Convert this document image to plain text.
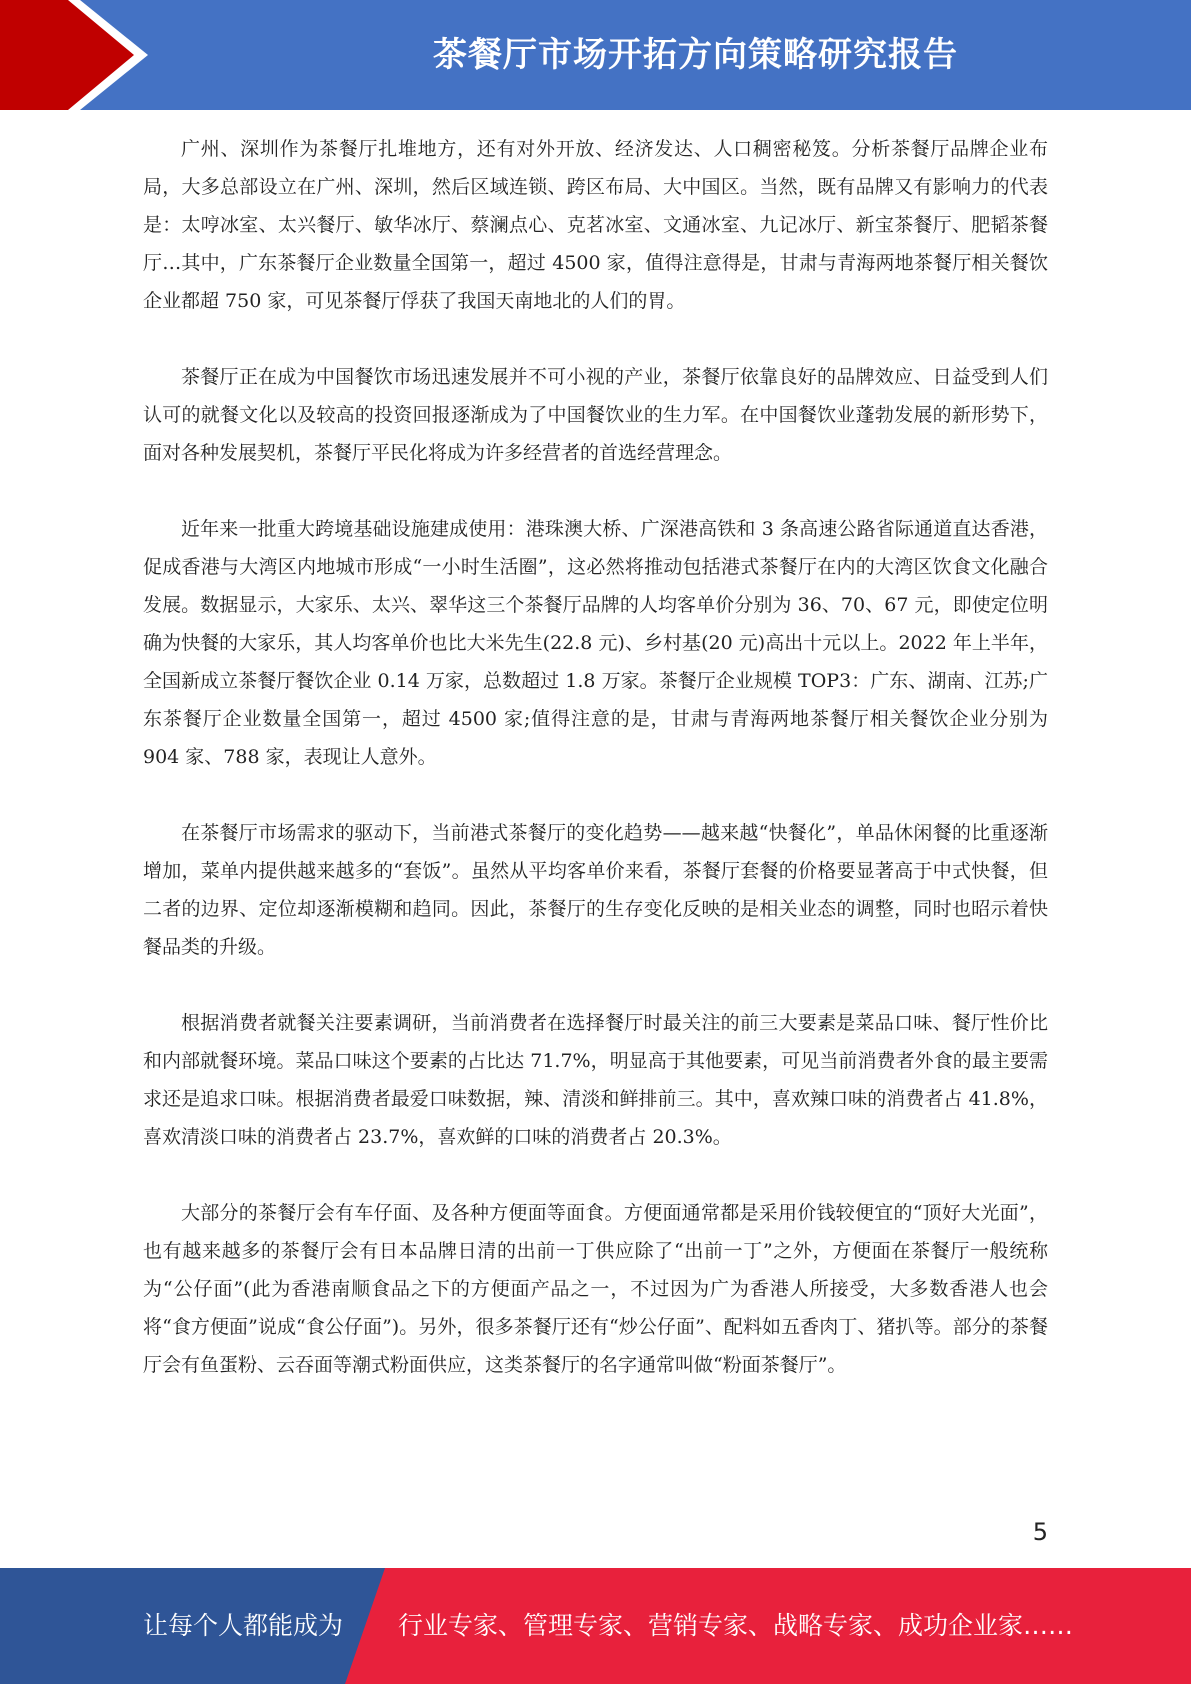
茶餐厅市场开拓方向策略研究报告

广州、深圳作为茶餐厅扎堆地方，还有对外开放、经济发达、人口稠密秘笈。分析茶餐厅品牌企业布局，大多总部设立在广州、深圳，然后区域连锁、跨区布局、大中国区。当然，既有品牌又有影响力的代表是：太哼冰室、太兴餐厅、敏华冰厅、蔡澜点心、克茗冰室、文通冰室、九记冰厅、新宝茶餐厅、肥韬茶餐厅…其中，广东茶餐厅企业数量全国第一，超过 4500 家，值得注意得是，甘肃与青海两地茶餐厅相关餐饮企业都超 750 家，可见茶餐厅俘获了我国天南地北的人们的胃。

茶餐厅正在成为中国餐饮市场迅速发展并不可小视的产业，茶餐厅依靠良好的品牌效应、日益受到人们认可的就餐文化以及较高的投资回报逐渐成为了中国餐饮业的生力军。在中国餐饮业蓬勃发展的新形势下，面对各种发展契机，茶餐厅平民化将成为许多经营者的首选经营理念。

近年来一批重大跨境基础设施建成使用：港珠澳大桥、广深港高铁和 3 条高速公路省际通道直达香港，促成香港与大湾区内地城市形成“一小时生活圈”，这必然将推动包括港式茶餐厅在内的大湾区饮食文化融合发展。数据显示，大家乐、太兴、翠华这三个茶餐厅品牌的人均客单价分别为 36、70、67 元，即使定位明确为快餐的大家乐，其人均客单价也比大米先生(22.8 元)、乡村基(20 元)高出十元以上。2022 年上半年，全国新成立茶餐厅餐饮企业 0.14 万家，总数超过 1.8 万家。茶餐厅企业规模 TOP3：广东、湖南、江苏;广东茶餐厅企业数量全国第一，超过 4500 家;值得注意的是，甘肃与青海两地茶餐厅相关餐饮企业分别为 904 家、788 家，表现让人意外。

在茶餐厅市场需求的驱动下，当前港式茶餐厅的变化趋势——越来越“快餐化”，单品休闲餐的比重逐渐增加，菜单内提供越来越多的“套饭”。虽然从平均客单价来看，茶餐厅套餐的价格要显著高于中式快餐，但二者的边界、定位却逐渐模糊和趋同。因此，茶餐厅的生存变化反映的是相关业态的调整，同时也昭示着快餐品类的升级。

根据消费者就餐关注要素调研，当前消费者在选择餐厅时最关注的前三大要素是菜品口味、餐厅性价比和内部就餐环境。菜品口味这个要素的占比达 71.7%，明显高于其他要素，可见当前消费者外食的最主要需求还是追求口味。根据消费者最爱口味数据，辣、清淡和鲜排前三。其中，喜欢辣口味的消费者占 41.8%，喜欢清淡口味的消费者占 23.7%，喜欢鲜的口味的消费者占 20.3%。

大部分的茶餐厅会有车仔面、及各种方便面等面食。方便面通常都是采用价钱较便宜的“顶好大光面”，也有越来越多的茶餐厅会有日本品牌日清的出前一丁供应除了“出前一丁”之外，方便面在茶餐厅一般统称为“公仔面”(此为香港南顺食品之下的方便面产品之一，不过因为广为香港人所接受，大多数香港人也会将“食方便面”说成“食公仔面”)。另外，很多茶餐厅还有“炒公仔面”、配料如五香肉丁、猪扒等。部分的茶餐厅会有鱼蛋粉、云吞面等潮式粉面供应，这类茶餐厅的名字通常叫做“粉面茶餐厅”。

5
让每个人都能成为 行业专家、管理专家、营销专家、战略专家、成功企业家……
